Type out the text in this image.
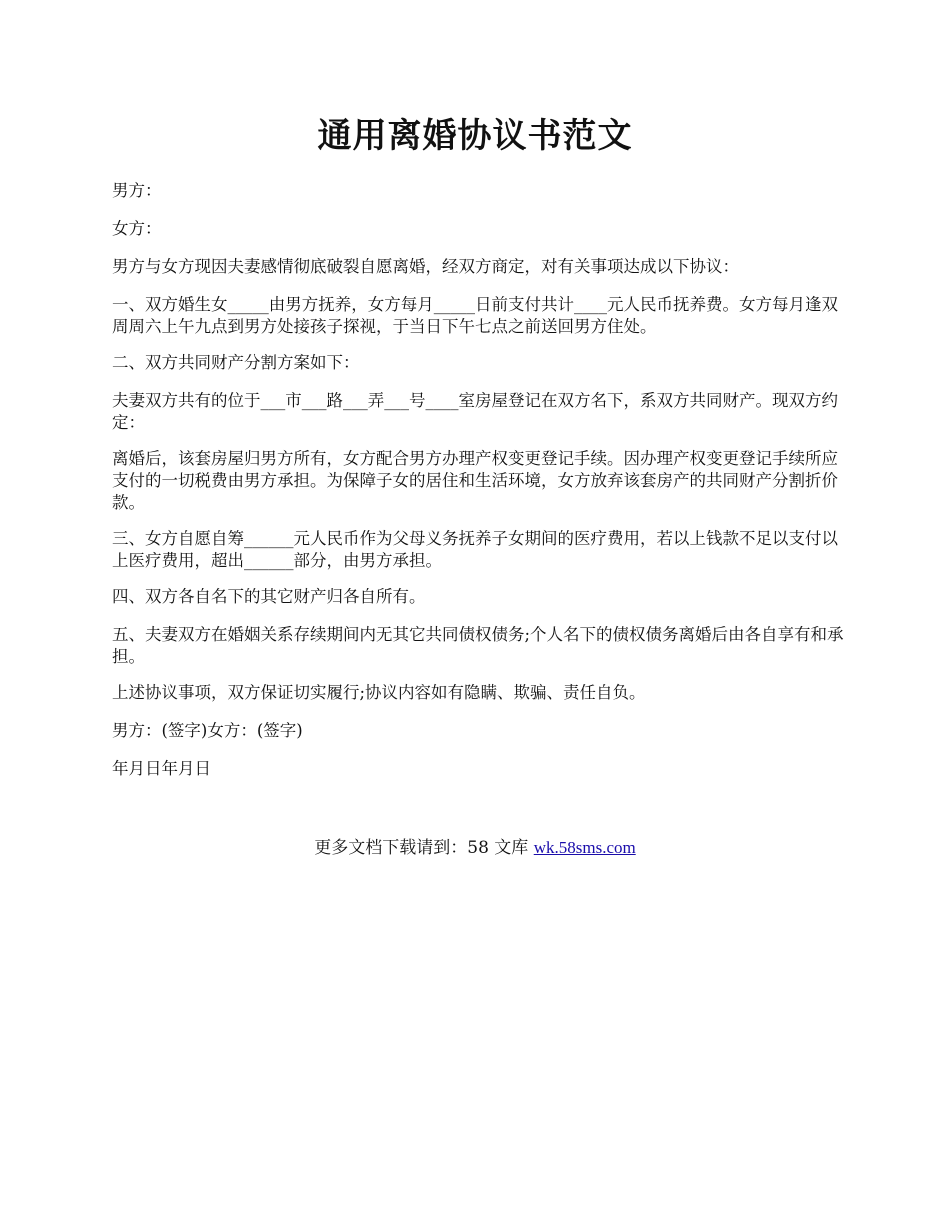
通用离婚协议书范文

男方：

女方：

男方与女方现因夫妻感情彻底破裂自愿离婚，经双方商定，对有关事项达成以下协议：

一、双方婚生女_____由男方抚养，女方每月_____日前支付共计____元人民币抚养费。女方每月逢双周周六上午九点到男方处接孩子探视，于当日下午七点之前送回男方住处。

二、双方共同财产分割方案如下：

夫妻双方共有的位于___市___路___弄___号____室房屋登记在双方名下，系双方共同财产。现双方约定：

离婚后，该套房屋归男方所有，女方配合男方办理产权变更登记手续。因办理产权变更登记手续所应支付的一切税费由男方承担。为保障子女的居住和生活环境，女方放弃该套房产的共同财产分割折价款。

三、女方自愿自筹______元人民币作为父母义务抚养子女期间的医疗费用，若以上钱款不足以支付以上医疗费用，超出______部分，由男方承担。

四、双方各自名下的其它财产归各自所有。

五、夫妻双方在婚姻关系存续期间内无其它共同债权债务;个人名下的债权债务离婚后由各自享有和承担。

上述协议事项，双方保证切实履行;协议内容如有隐瞒、欺骗、责任自负。

男方：(签字)女方：(签字)

年月日年月日

更多文档下载请到：58 文库 wk.58sms.com
